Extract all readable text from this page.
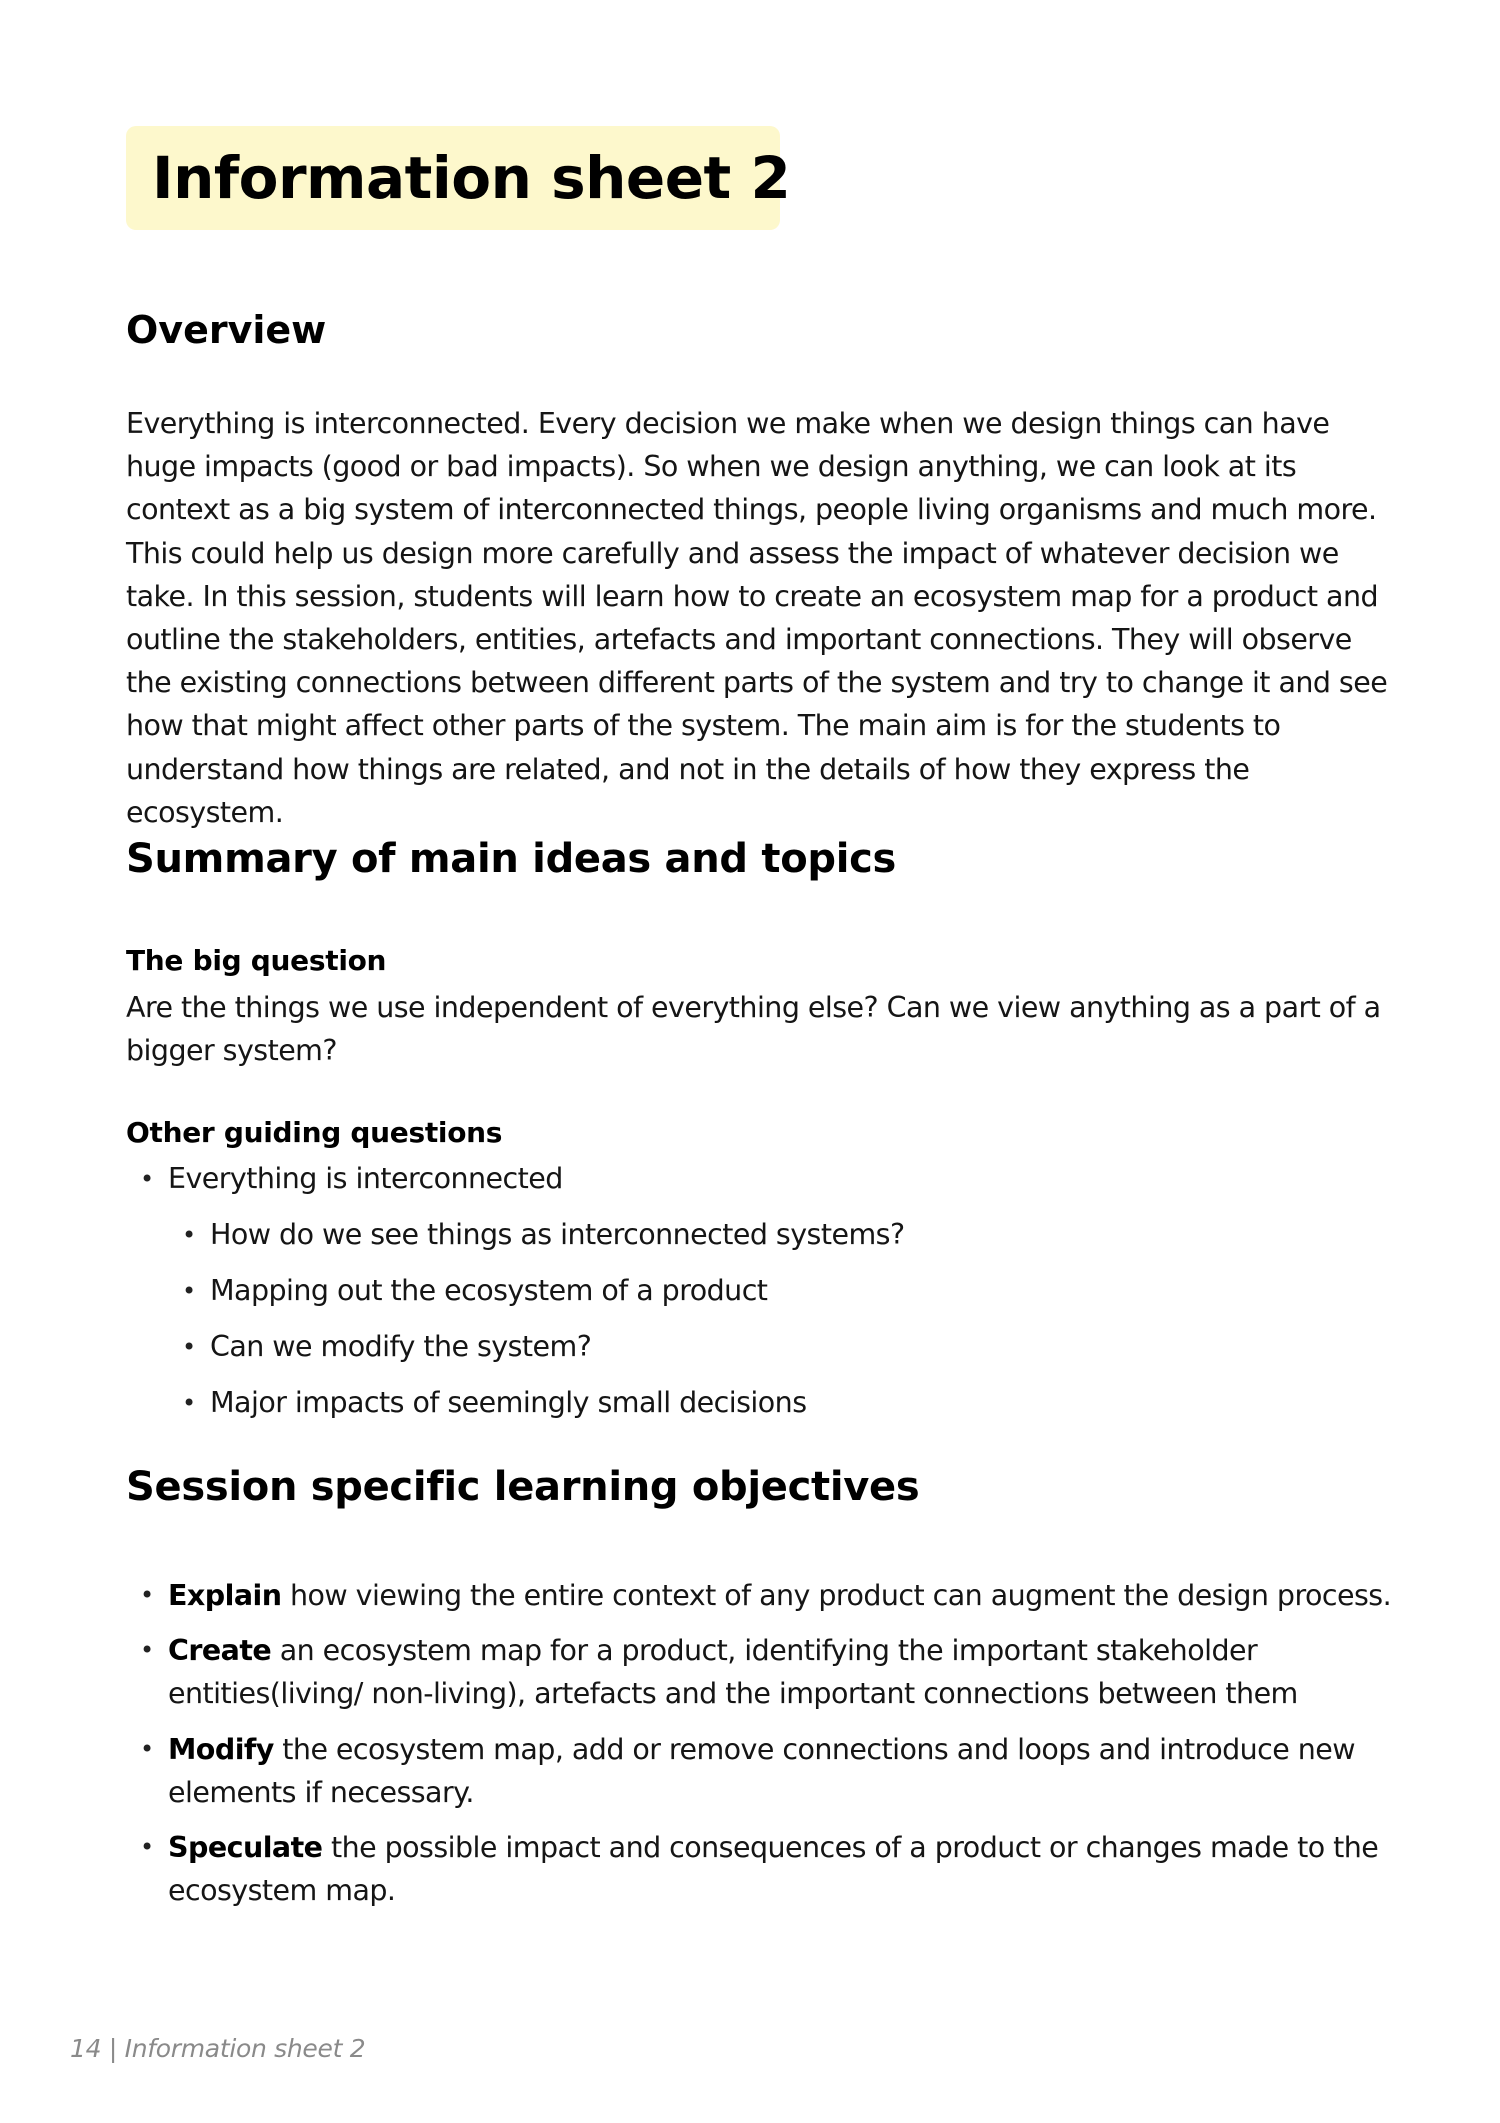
Information sheet 2
Overview

Everything is interconnected. Every decision we make when we design things can have huge impacts (good or bad impacts). So when we design anything, we can look at its context as a big system of interconnected things, people living organisms and much more. This could help us design more carefully and assess the impact of whatever decision we take. In this session, students will learn how to create an ecosystem map for a product and outline the stakeholders, entities, artefacts and important connections. They will observe the existing connections between different parts of the system and try to change it and see how that might affect other parts of the system. The main aim is for the students to understand how things are related, and not in the details of how they express the ecosystem.

Summary of main ideas and topics
The big question

Are the things we use independent of everything else? Can we view anything as a part of a bigger system?

Other guiding questions
• Everything is interconnected
• How do we see things as interconnected systems?
• Mapping out the ecosystem of a product
• Can we modify the system?
• Major impacts of seemingly small decisions
Session specific learning objectives
• Explain how viewing the entire context of any product can augment the design process.
• Create an ecosystem map for a product, identifying the important stakeholder entities(living/ non-living), artefacts and the important connections between them
• Modify the ecosystem map, add or remove connections and loops and introduce new elements if necessary.
• Speculate the possible impact and consequences of a product or changes made to the ecosystem map.
14 | Information sheet 2
